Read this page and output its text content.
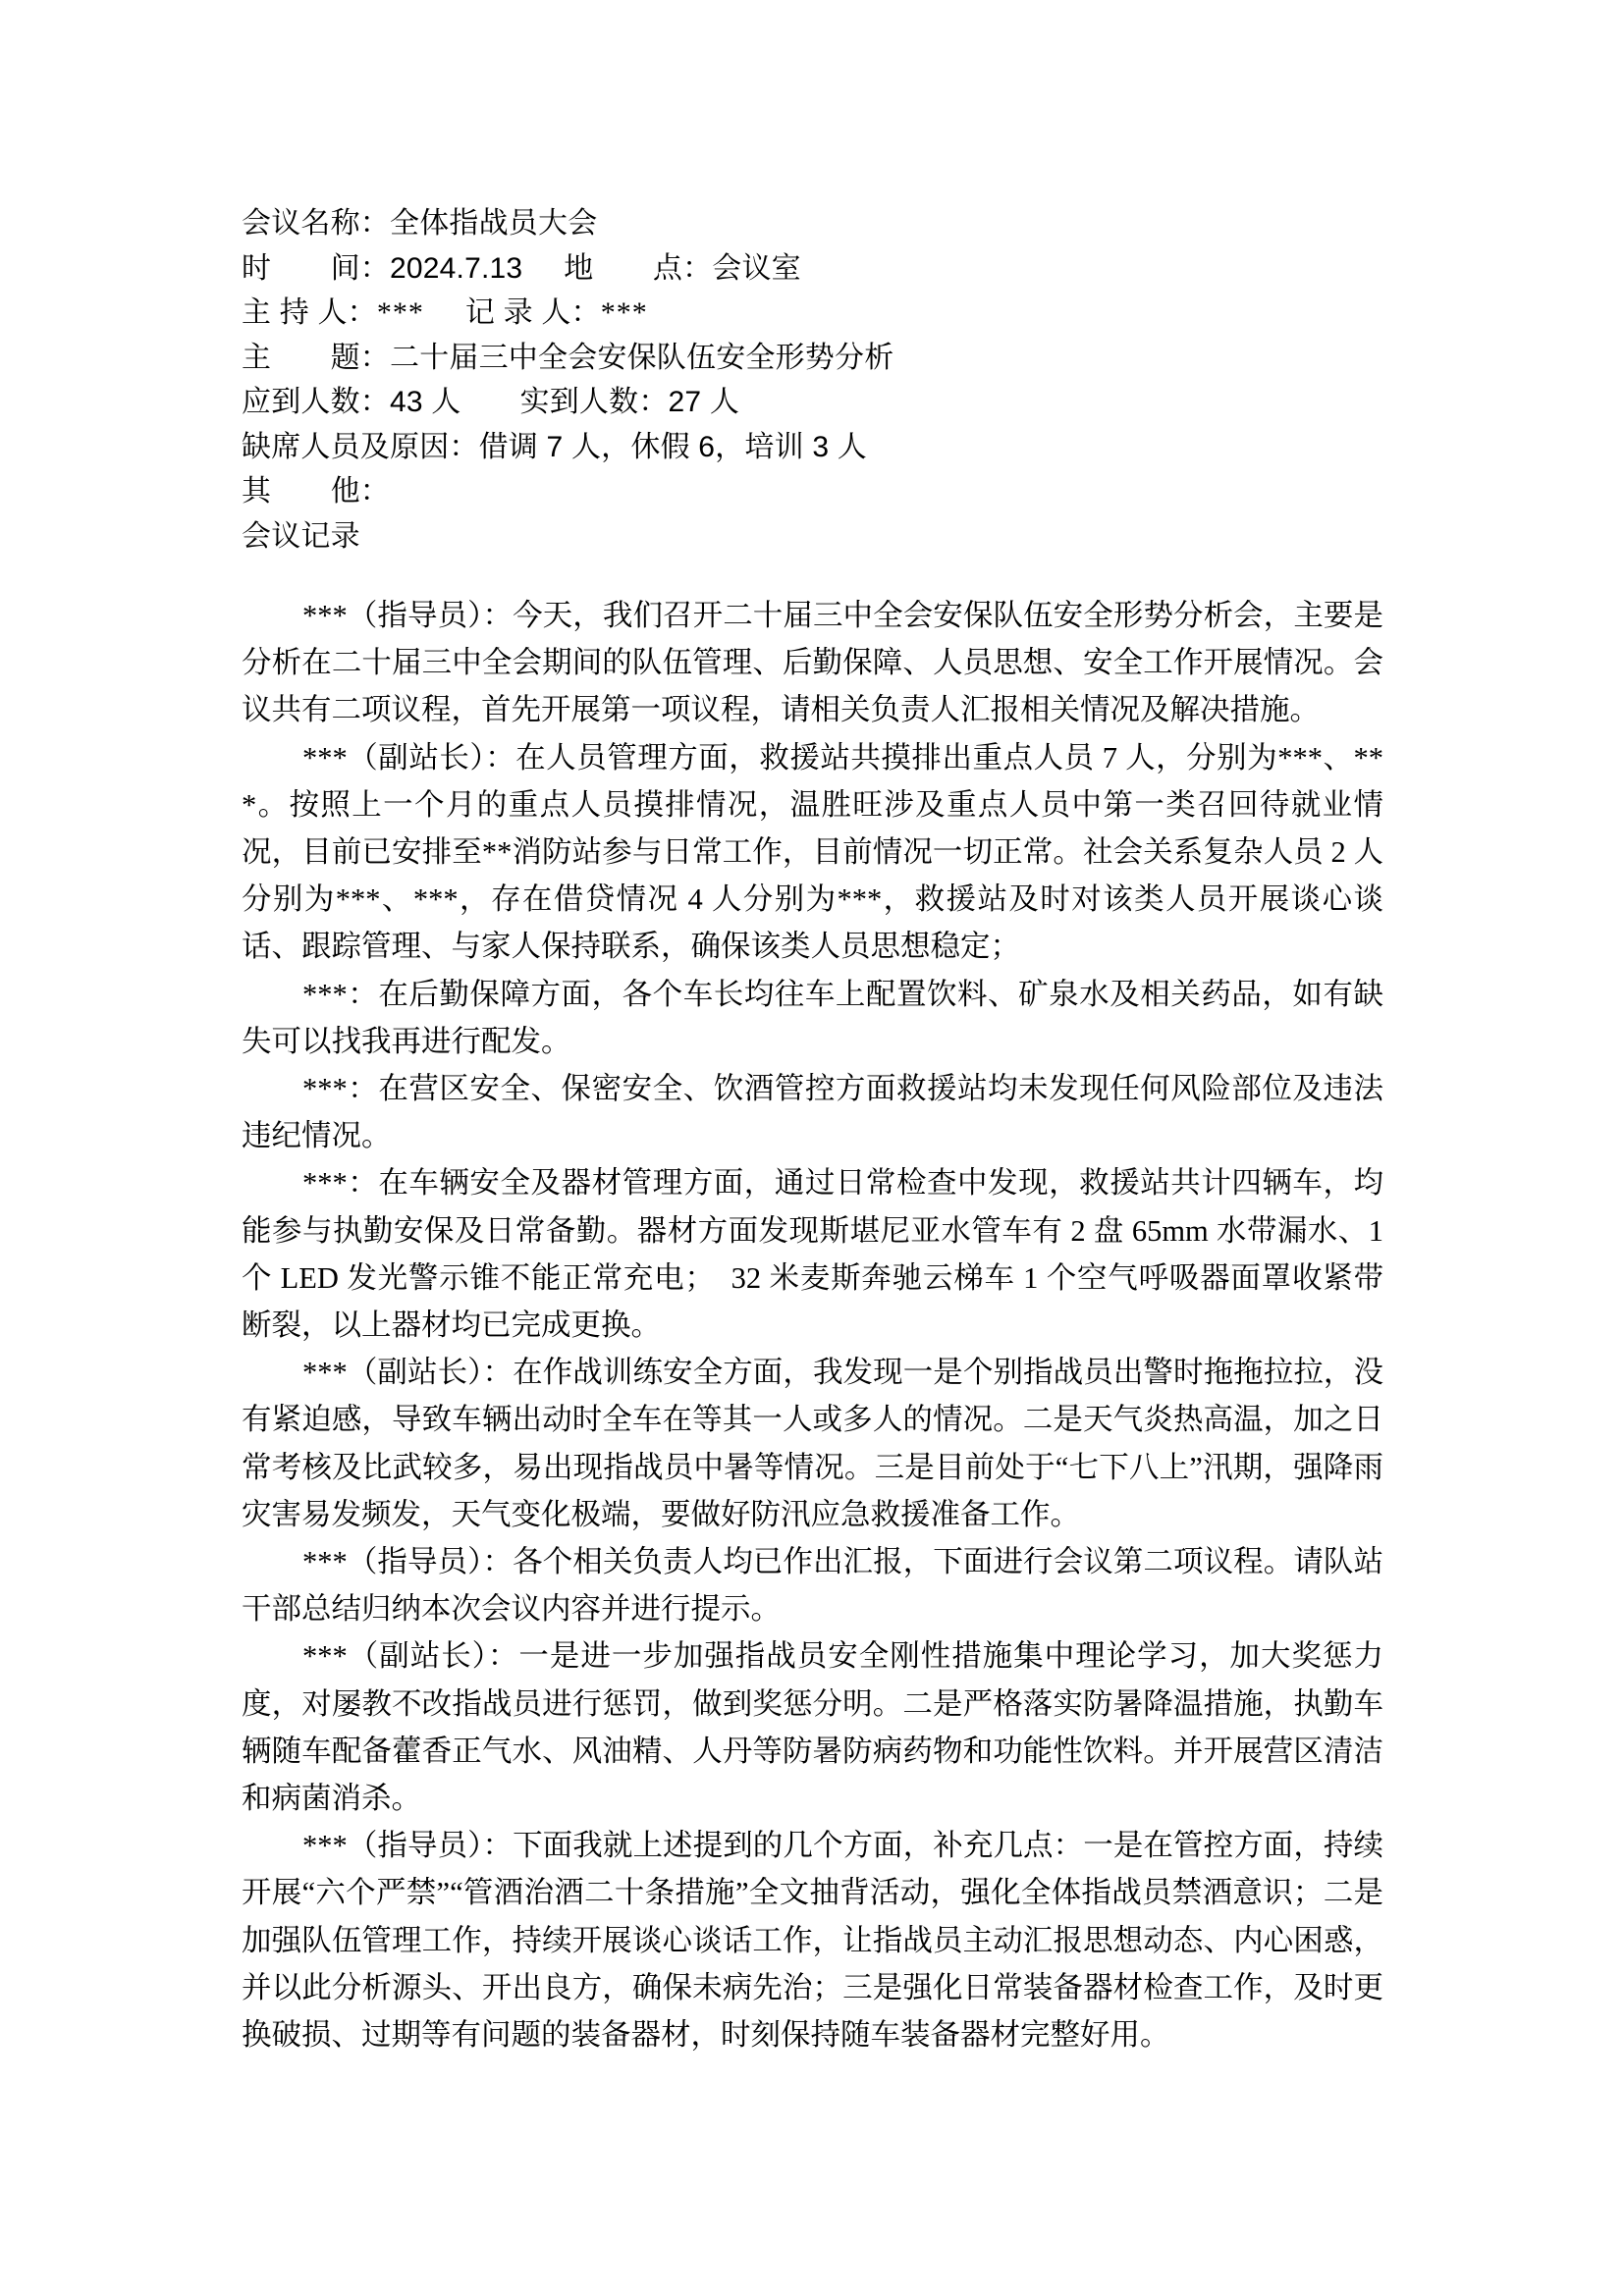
会议名称：全体指战员大会
时　　间：2024.7.13 地　　点：会议室
主 持 人：*** 记 录 人：***
主　　题：二十届三中全会安保队伍安全形势分析
应到人数：43 人 实到人数：27 人
缺席人员及原因：借调 7 人，休假 6，培训 3 人
其　　他：
会议记录

***（指导员）：今天，我们召开二十届三中全会安保队伍安全形势分析会，主要是分析在二十届三中全会期间的队伍管理、后勤保障、人员思想、安全工作开展情况。会议共有二项议程，首先开展第一项议程，请相关负责人汇报相关情况及解决措施。

***（副站长）：在人员管理方面，救援站共摸排出重点人员 7 人，分别为***、***。按照上一个月的重点人员摸排情况，温胜旺涉及重点人员中第一类召回待就业情况，目前已安排至**消防站参与日常工作，目前情况一切正常。社会关系复杂人员 2 人分别为***、***，存在借贷情况 4 人分别为***，救援站及时对该类人员开展谈心谈话、跟踪管理、与家人保持联系，确保该类人员思想稳定；

***：在后勤保障方面，各个车长均往车上配置饮料、矿泉水及相关药品，如有缺失可以找我再进行配发。

***：在营区安全、保密安全、饮酒管控方面救援站均未发现任何风险部位及违法违纪情况。

***：在车辆安全及器材管理方面，通过日常检查中发现，救援站共计四辆车，均能参与执勤安保及日常备勤。器材方面发现斯堪尼亚水管车有 2 盘 65mm 水带漏水、1 个 LED 发光警示锥不能正常充电；　32 米麦斯奔驰云梯车 1 个空气呼吸器面罩收紧带断裂，以上器材均已完成更换。

***（副站长）：在作战训练安全方面，我发现一是个别指战员出警时拖拖拉拉，没有紧迫感，导致车辆出动时全车在等其一人或多人的情况。二是天气炎热高温，加之日常考核及比武较多，易出现指战员中暑等情况。三是目前处于“七下八上”汛期，强降雨灾害易发频发，天气变化极端，要做好防汛应急救援准备工作。

***（指导员）：各个相关负责人均已作出汇报，下面进行会议第二项议程。请队站干部总结归纳本次会议内容并进行提示。

***（副站长）：一是进一步加强指战员安全刚性措施集中理论学习，加大奖惩力度，对屡教不改指战员进行惩罚，做到奖惩分明。二是严格落实防暑降温措施，执勤车辆随车配备藿香正气水、风油精、人丹等防暑防病药物和功能性饮料。并开展营区清洁和病菌消杀。

***（指导员）：下面我就上述提到的几个方面，补充几点：一是在管控方面，持续开展“六个严禁”“管酒治酒二十条措施”全文抽背活动，强化全体指战员禁酒意识；二是加强队伍管理工作，持续开展谈心谈话工作，让指战员主动汇报思想动态、内心困惑，并以此分析源头、开出良方，确保未病先治；三是强化日常装备器材检查工作，及时更换破损、过期等有问题的装备器材，时刻保持随车装备器材完整好用。
